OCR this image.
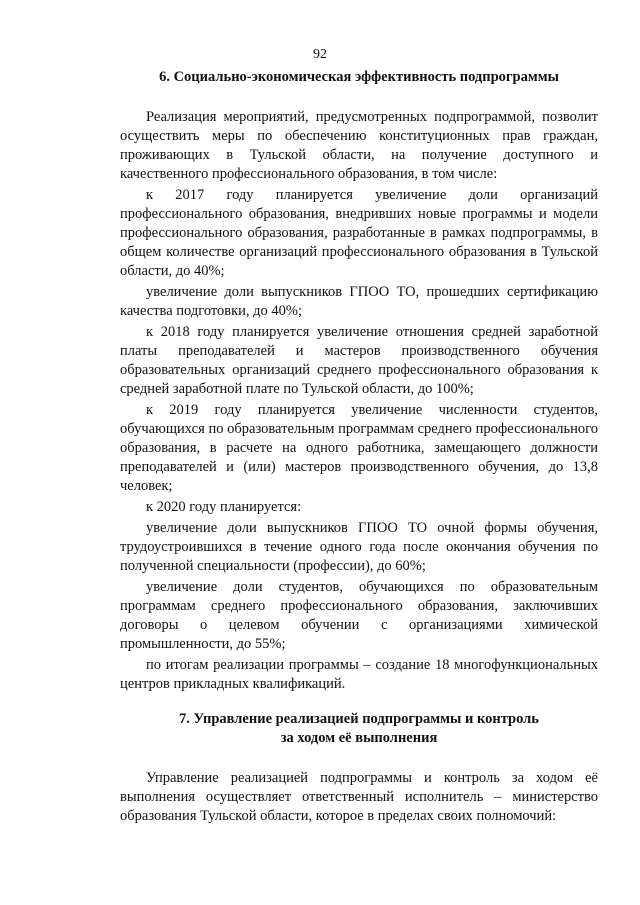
92
6. Социально-экономическая эффективность подпрограммы

Реализация мероприятий, предусмотренных подпрограммой, позволит осуществить меры по обеспечению конституционных прав граждан, проживающих в Тульской области, на получение доступного и качественного профессионального образования, в том числе:

к 2017 году планируется увеличение доли организаций профессионального образования, внедривших новые программы и модели профессионального образования, разработанные в рамках подпрограммы, в общем количестве организаций профессионального образования в Тульской области, до 40%;

увеличение доли выпускников ГПОО ТО, прошедших сертификацию качества подготовки, до 40%;

к 2018 году планируется увеличение отношения средней заработной платы преподавателей и мастеров производственного обучения образовательных организаций среднего профессионального образования к средней заработной плате по Тульской области, до 100%;

к 2019 году планируется увеличение численности студентов, обучающихся по образовательным программам среднего профессионального образования, в расчете на одного работника, замещающего должности преподавателей и (или) мастеров производственного обучения, до 13,8 человек;

к 2020 году планируется:

увеличение доли выпускников ГПОО ТО очной формы обучения, трудоустроившихся в течение одного года после окончания обучения по полученной специальности (профессии), до 60%;

увеличение доли студентов, обучающихся по образовательным программам среднего профессионального образования, заключивших договоры о целевом обучении с организациями химической промышленности, до 55%;

по итогам реализации программы – создание 18 многофункциональных центров прикладных квалификаций.

7. Управление реализацией подпрограммы и контроль
за ходом её выполнения

Управление реализацией подпрограммы и контроль за ходом её выполнения осуществляет ответственный исполнитель – министерство образования Тульской области, которое в пределах своих полномочий:
